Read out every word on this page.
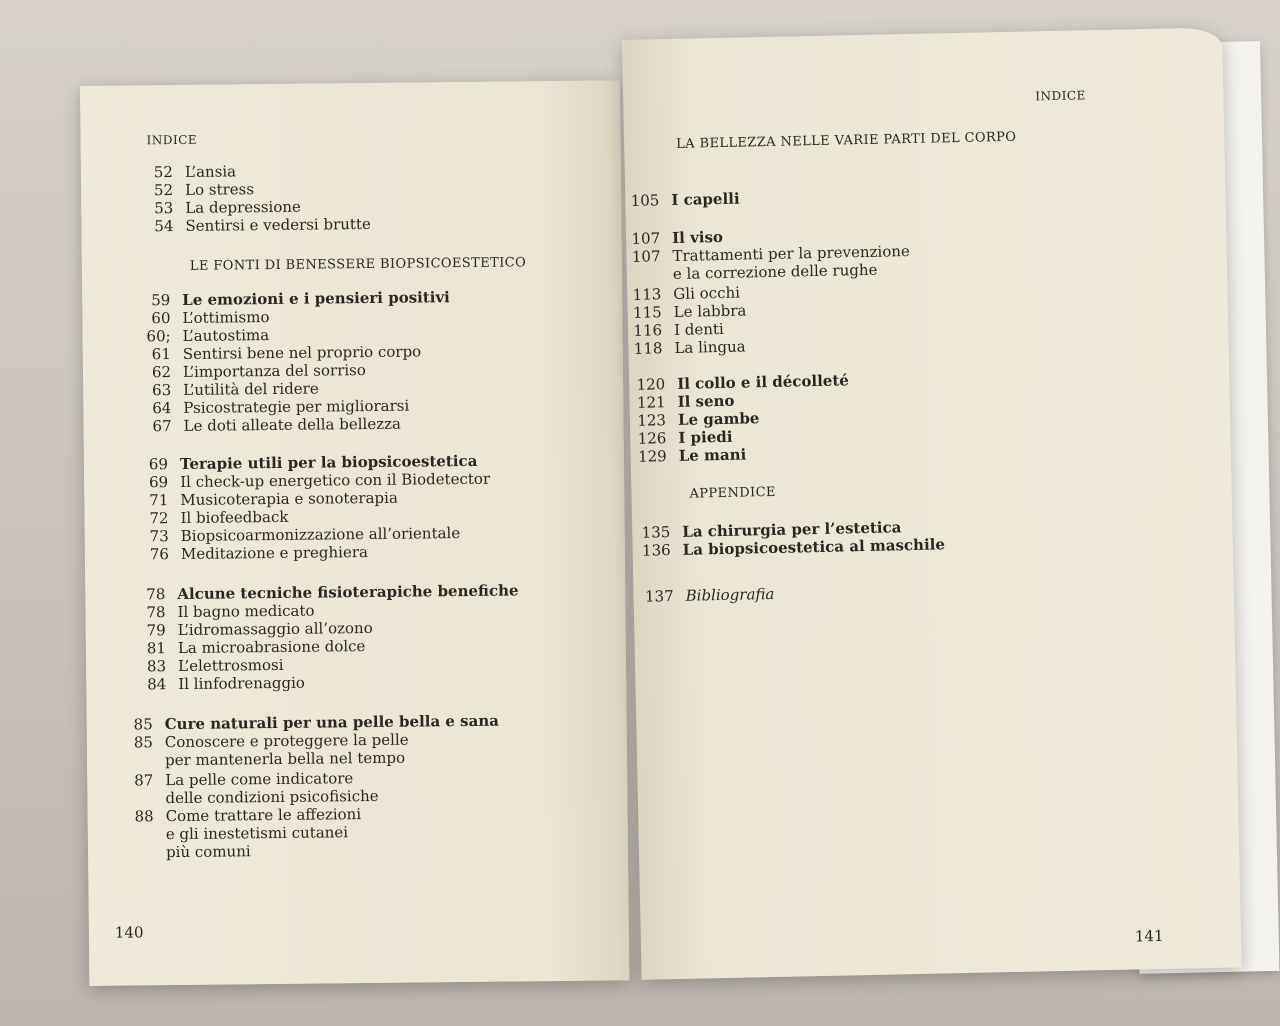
INDICE
52 L’ansia
52 Lo stress
53 La depressione
54 Sentirsi e vedersi brutte
LE FONTI DI BENESSERE BIOPSICOESTETICO
59 Le emozioni e i pensieri positivi
60 L’ottimismo
60; L’autostima
61 Sentirsi bene nel proprio corpo
62 L’importanza del sorriso
63 L’utilità del ridere
64 Psicostrategie per migliorarsi
67 Le doti alleate della bellezza
69 Terapie utili per la biopsicoestetica
69 Il check-up energetico con il Biodetector
71 Musicoterapia e sonoterapia
72 Il biofeedback
73 Biopsicoarmonizzazione all’orientale
76 Meditazione e preghiera
78 Alcune tecniche fisioterapiche benefiche
78 Il bagno medicato
79 L’idromassaggio all’ozono
81 La microabrasione dolce
83 L’elettrosmosi
84 Il linfodrenaggio
85 Cure naturali per una pelle bella e sana
85 Conoscere e proteggere la pelle
per mantenerla bella nel tempo
87 La pelle come indicatore
delle condizioni psicofisiche
88 Come trattare le affezioni
e gli inestetismi cutanei
più comuni
140
INDICE
LA BELLEZZA NELLE VARIE PARTI DEL CORPO
105 I capelli
107 Il viso
107 Trattamenti per la prevenzione
e la correzione delle rughe
113 Gli occhi
115 Le labbra
116 I denti
118 La lingua
120 Il collo e il décolleté
121 Il seno
123 Le gambe
126 I piedi
129 Le mani
APPENDICE
135 La chirurgia per l’estetica
136 La biopsicoestetica al maschile
137 Bibliografia
141
